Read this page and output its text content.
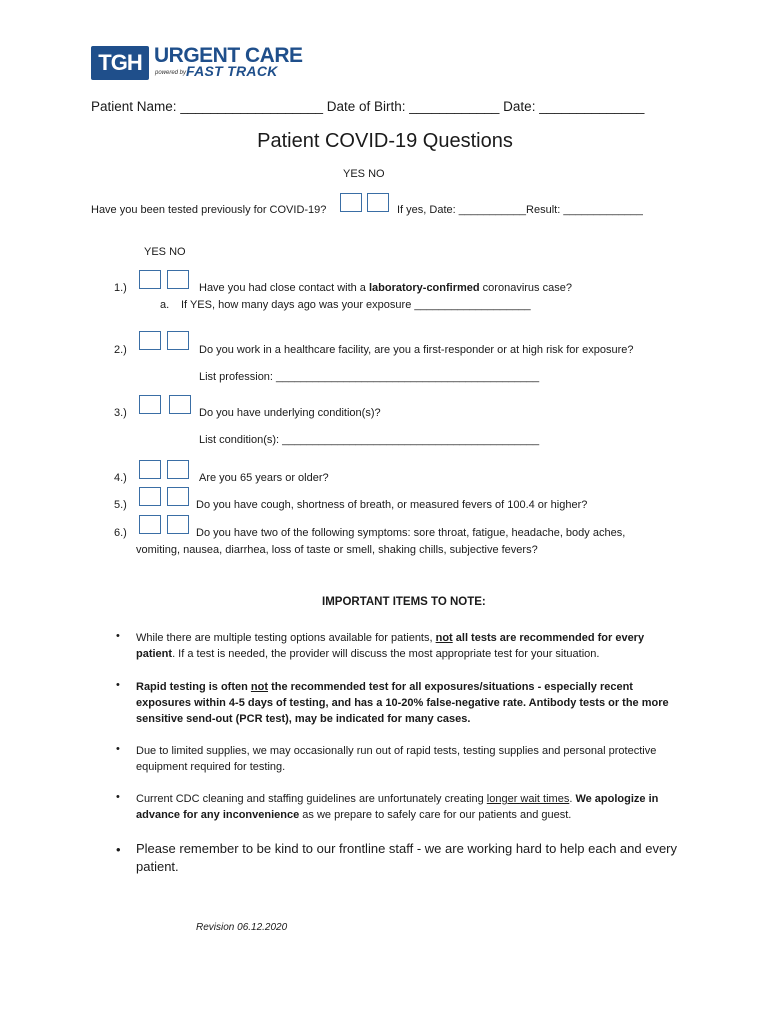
TGH URGENT CARE
powered by FAST TRACK
Patient Name: ___________________ Date of Birth: ____________ Date: ______________
Patient COVID-19 Questions
YES NO
Have you been tested previously for COVID-19?	If yes, Date: ___________Result: _____________
YES NO
1.)	Have you had close contact with a laboratory-confirmed coronavirus case?
a. If YES, how many days ago was your exposure ___________________
2.)	Do you work in a healthcare facility, are you a first-responder or at high risk for exposure?
List profession: ___________________________________________
3.)	Do you have underlying condition(s)?
List condition(s): __________________________________________
4.)	Are you 65 years or older?
5.)	Do you have cough, shortness of breath, or measured fevers of 100.4 or higher?
6.)	Do you have two of the following symptoms: sore throat, fatigue, headache, body aches,
vomiting, nausea, diarrhea, loss of taste or smell, shaking chills, subjective fevers?
IMPORTANT ITEMS TO NOTE:
• While there are multiple testing options available for patients, not all tests are recommended for every patient. If a test is needed, the provider will discuss the most appropriate test for your situation.
• Rapid testing is often not the recommended test for all exposures/situations - especially recent exposures within 4-5 days of testing, and has a 10-20% false-negative rate. Antibody tests or the more sensitive send-out (PCR test), may be indicated for many cases.
• Due to limited supplies, we may occasionally run out of rapid tests, testing supplies and personal protective equipment required for testing.
• Current CDC cleaning and staffing guidelines are unfortunately creating longer wait times. We apologize in advance for any inconvenience as we prepare to safely care for our patients and guest.
• Please remember to be kind to our frontline staff - we are working hard to help each and every patient.
Revision 06.12.2020
